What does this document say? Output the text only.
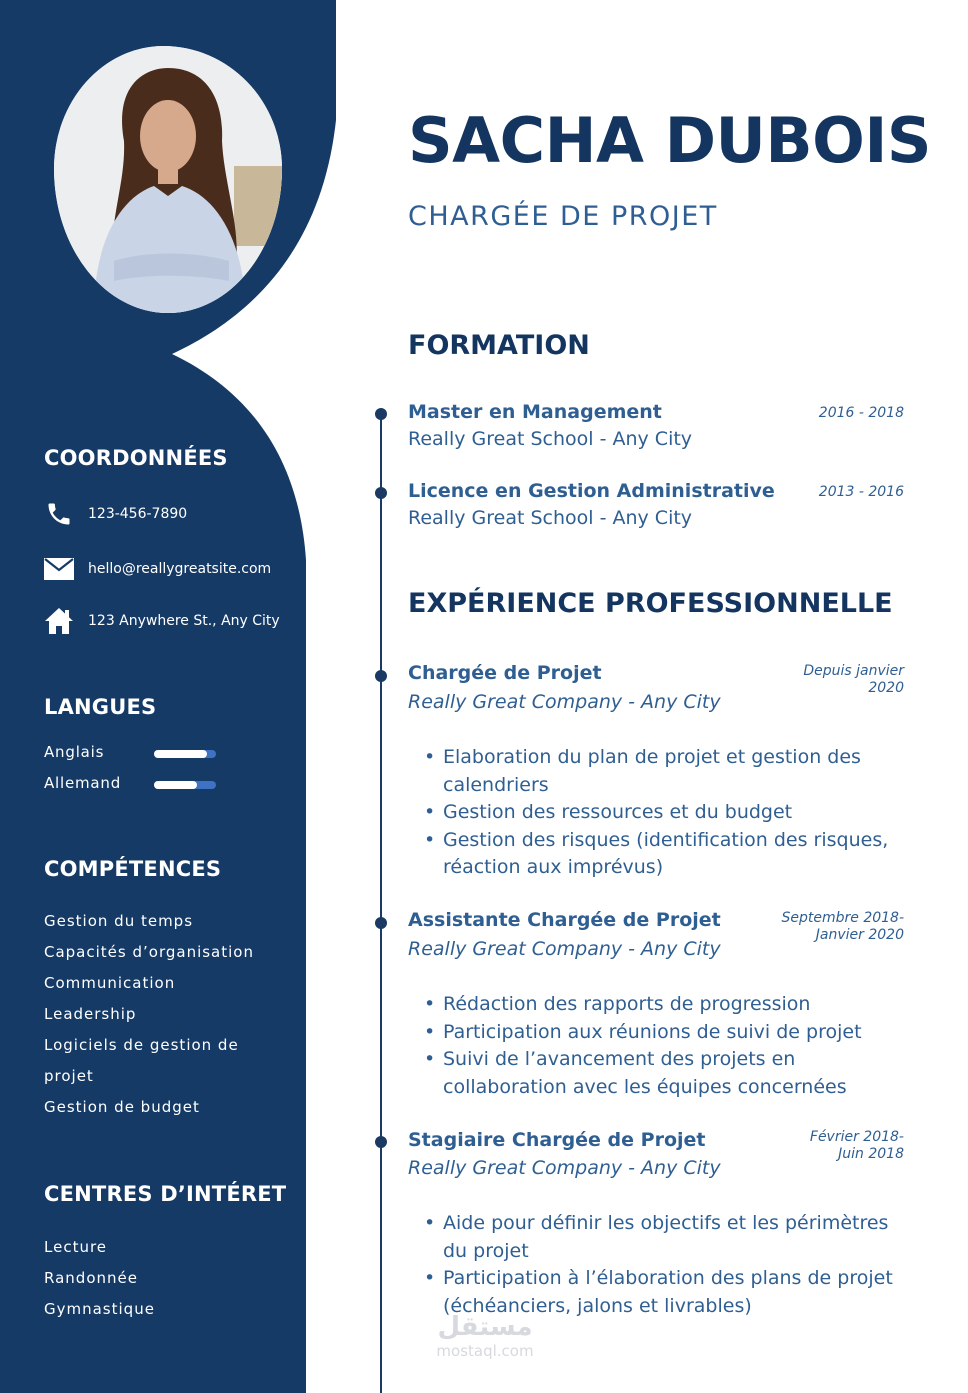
COORDONNÉES
123-456-7890
hello@reallygreatsite.com
123 Anywhere St., Any City
LANGUES
Anglais
Allemand
COMPÉTENCES
Gestion du temps
Capacités d’organisation
Communication
Leadership
Logiciels de gestion de projet
Gestion de budget
CENTRES D’INTÉRET
Lecture
Randonnée
Gymnastique
SACHA DUBOIS
CHARGÉE DE PROJET
FORMATION
Master en Management	2016 - 2018
Really Great School - Any City
Licence en Gestion Administrative	2013 - 2016
Really Great School - Any City
EXPÉRIENCE PROFESSIONNELLE
Chargée de Projet	Depuis janvier
2020
Really Great Company - Any City
• Elaboration du plan de projet et gestion des calendriers
• Gestion des ressources et du budget
• Gestion des risques (identification des risques, réaction aux imprévus)
Assistante Chargée de Projet	Septembre 2018-
Janvier 2020
Really Great Company - Any City
• Rédaction des rapports de progression
• Participation aux réunions de suivi de projet
• Suivi de l’avancement des projets en collaboration avec les équipes concernées
Stagiaire Chargée de Projet	Février 2018-
Juin 2018
Really Great Company - Any City
• Aide pour définir les objectifs et les périmètres du projet
• Participation à l’élaboration des plans de projet (échéanciers, jalons et livrables)
مستقل
mostaql.com
